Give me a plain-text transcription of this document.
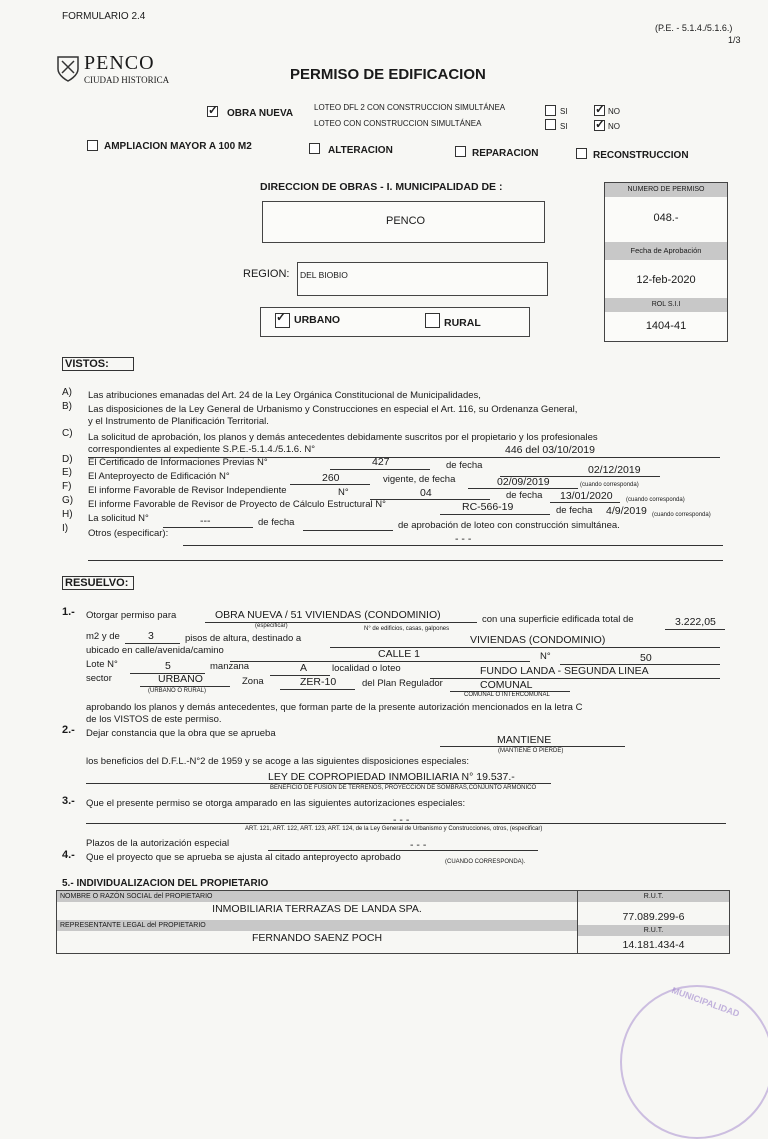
FORMULARIO 2.4
(P.E. - 5.1.4./5.1.6.)
1/3
PENCO
CIUDAD HISTORICA	PERMISO DE EDIFICACION
✓
OBRA NUEVA
LOTEO DFL 2 CON CONSTRUCCION SIMULTÁNEA
LOTEO CON CONSTRUCCION SIMULTÁNEA
SI ✓	NO
SI ✓	NO
AMPLIACION MAYOR A 100 M2	ALTERACION	REPARACION	RECONSTRUCCION
DIRECCION DE OBRAS - I. MUNICIPALIDAD DE :
PENCO
REGION: DEL BIOBIO
✓
URBANO	RURAL
NUMERO DE PERMISO
048.-
Fecha de Aprobación
12-feb-2020
ROL S.I.I
1404-41
VISTOS:
A) Las atribuciones emanadas del Art. 24 de la Ley Orgánica Constitucional de Municipalidades,
B) Las disposiciones de la Ley General de Urbanismo y Construcciones en especial el Art. 116, su Ordenanza General,
y el Instrumento de Planificación Territorial.
C) La solicitud de aprobación, los planos y demás antecedentes debidamente suscritos por el propietario y los profesionales
correspondientes al expediente S.P.E.-5.1.4./5.1.6. N°	446 del 03/10/2019
D) El Certificado de Informaciones Previas N°	427	de fecha	02/12/2019
E) El Anteproyecto de Edificación N°	260	vigente, de fecha	02/09/2019	(cuando corresponda)
F) El informe Favorable de Revisor Independiente	N°	04	de fecha 13/01/2020 (cuando corresponda)
G) El informe Favorable de Revisor de Proyecto de Cálculo Estructural N°	RC-566-19	de fecha 4/9/2019 (cuando corresponda)
H) La solicitud N°	---	de fecha	de aprobación de loteo con construcción simultánea.
I) Otros (especificar):	- - -
RESUELVO:
1.- Otorgar permiso para	OBRA NUEVA / 51 VIVIENDAS (CONDOMINIO)	con una superficie edificada total de	3.222,05
(especificar)	N° de edificios, casas, galpones
m2 y de	3	pisos de altura, destinado a	VIVIENDAS (CONDOMINIO)
ubicado en calle/avenida/camino	CALLE 1	N°	50
Lote N°	5	manzana	A	localidad o loteo	FUNDO LANDA - SEGUNDA LINEA
sector	URBANO	Zona	ZER-10	del Plan Regulador	COMUNAL
(URBANO O RURAL)
COMUNAL O INTERCOMUNAL
aprobando los planos y demás antecedentes, que forman parte de la presente autorización mencionados en la letra C
de los VISTOS de este permiso.
2.- Dejar constancia que la obra que se aprueba
MANTIENE
(MANTIENE O PIERDE)
los beneficios del D.F.L.-N°2 de 1959 y se acoge a las siguientes disposiciones especiales:
LEY DE COPROPIEDAD INMOBILIARIA N° 19.537.-
BENEFICIO DE FUSION DE TERRENOS, PROYECCION DE SOMBRAS,CONJUNTO ARMONICO
3.- Que el presente permiso se otorga amparado en las siguientes autorizaciones especiales:
- - -
ART. 121, ART. 122, ART. 123, ART. 124, de la Ley General de Urbanismo y Construcciones, otros, (especificar)
Plazos de la autorización especial	- - -
4.- Que el proyecto que se aprueba se ajusta al citado anteproyecto aprobado	(CUANDO CORRESPONDA).
5.- INDIVIDUALIZACION DEL PROPIETARIO
NOMBRE O RAZÓN SOCIAL del PROPIETARIO	R.U.T.
INMOBILIARIA TERRAZAS DE LANDA SPA.
77.089.299-6
REPRESENTANTE LEGAL del PROPIETARIO
R.U.T.
FERNANDO SAENZ POCH
14.181.434-4
MUNICIPALIDAD
